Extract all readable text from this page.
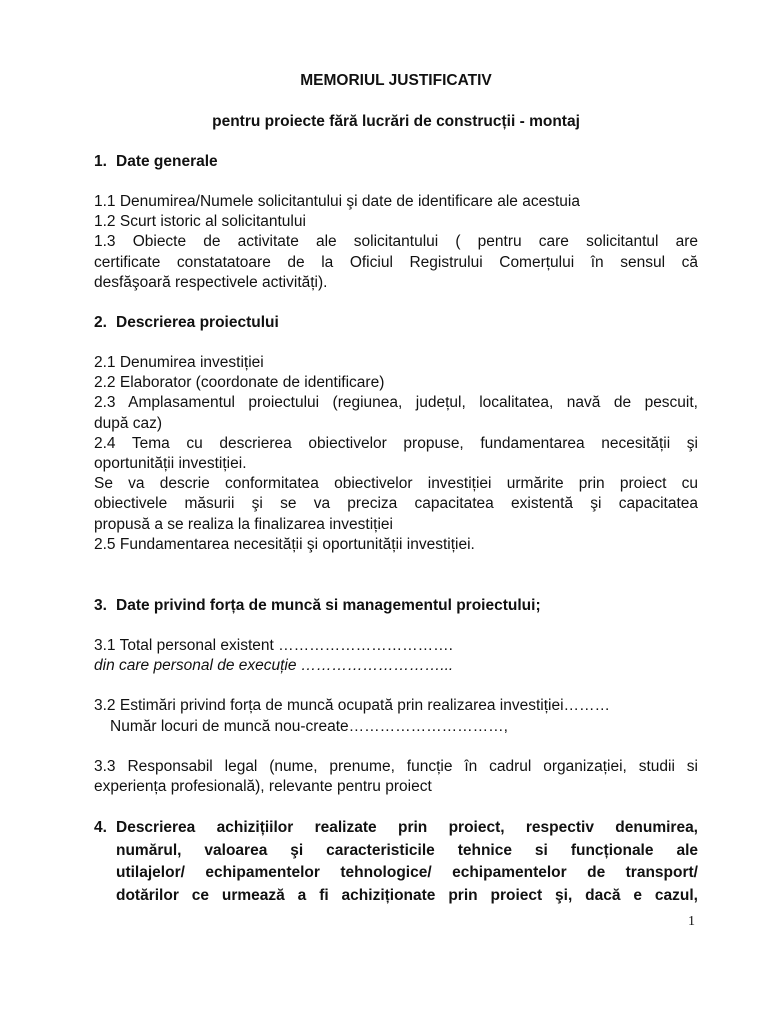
MEMORIUL JUSTIFICATIV
pentru proiecte fără lucrări de construcții - montaj
1. Date generale
1.1 Denumirea/Numele solicitantului şi date de identificare ale acestuia
1.2 Scurt istoric al solicitantului
1.3 Obiecte de activitate ale solicitantului ( pentru care solicitantul are
certificate constatatoare de la Oficiul Registrului Comerțului în sensul că
desfăşoară respectivele activități).
2. Descrierea proiectului
2.1 Denumirea investiției
2.2 Elaborator (coordonate de identificare)
2.3 Amplasamentul proiectului (regiunea, județul, localitatea, navă de pescuit,
după caz)
2.4 Tema cu descrierea obiectivelor propuse, fundamentarea necesității şi
oportunității investiției.
Se va descrie conformitatea obiectivelor investiției urmărite prin proiect cu
obiectivele măsurii şi se va preciza capacitatea existentă şi capacitatea
propusă a se realiza la finalizarea investiției
2.5 Fundamentarea necesității şi oportunității investiției.
3. Date privind forța de muncă si managementul proiectului;
3.1 Total personal existent …………………………….
din care personal de execuție ………………………...
3.2 Estimări privind forța de muncă ocupată prin realizarea investiției………
Număr locuri de muncă nou-create…………………………,
3.3 Responsabil legal (nume, prenume, funcție în cadrul organizației, studii si
experiența profesională), relevante pentru proiect
4. Descrierea achizițiilor realizate prin proiect, respectiv denumirea,
numărul, valoarea şi caracteristicile tehnice si funcționale ale
utilajelor/ echipamentelor tehnologice/ echipamentelor de transport/
dotărilor ce urmează a fi achiziționate prin proiect şi, dacă e cazul,
1
